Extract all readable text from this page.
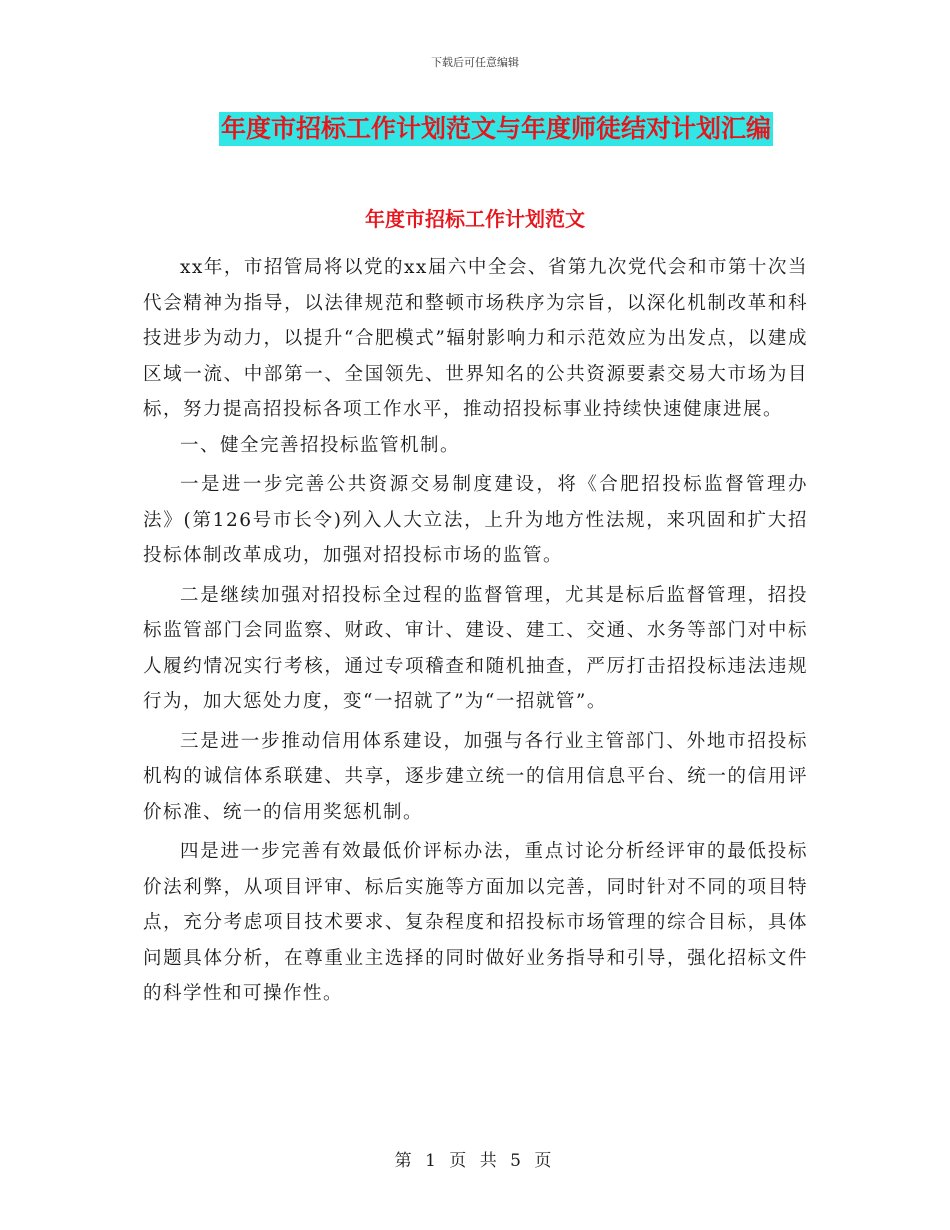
下载后可任意编辑
年度市招标工作计划范文与年度师徒结对计划汇编
年度市招标工作计划范文

xx年，市招管局将以党的xx届六中全会、省第九次党代会和市第十次当代会精神为指导，以法律规范和整顿市场秩序为宗旨，以深化机制改革和科技进步为动力，以提升“合肥模式”辐射影响力和示范效应为出发点，以建成区域一流、中部第一、全国领先、世界知名的公共资源要素交易大市场为目标，努力提高招投标各项工作水平，推动招投标事业持续快速健康进展。

一、健全完善招投标监管机制。

一是进一步完善公共资源交易制度建设，将《合肥招投标监督管理办法》(第126号市长令)列入人大立法，上升为地方性法规，来巩固和扩大招投标体制改革成功，加强对招投标市场的监管。

二是继续加强对招投标全过程的监督管理，尤其是标后监督管理，招投标监管部门会同监察、财政、审计、建设、建工、交通、水务等部门对中标人履约情况实行考核，通过专项稽查和随机抽查，严厉打击招投标违法违规行为，加大惩处力度，变“一招就了”为“一招就管”。

三是进一步推动信用体系建设，加强与各行业主管部门、外地市招投标机构的诚信体系联建、共享，逐步建立统一的信用信息平台、统一的信用评价标准、统一的信用奖惩机制。

四是进一步完善有效最低价评标办法，重点讨论分析经评审的最低投标价法利弊，从项目评审、标后实施等方面加以完善，同时针对不同的项目特点，充分考虑项目技术要求、复杂程度和招投标市场管理的综合目标，具体问题具体分析，在尊重业主选择的同时做好业务指导和引导，强化招标文件的科学性和可操作性。

第 1 页 共 5 页
